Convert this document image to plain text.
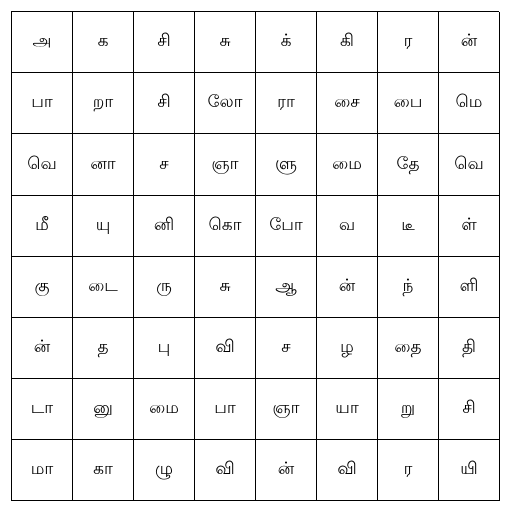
அ	க	சி	சு	க்	கி	ர	ன்
பா	றா	சி	லோ	ரா	சை	பை	மெ
வெ	னா	ச	ஞா	ளு	மை	தே	வெ
மீ	யு	னி	கொ	போ	வ	டீ	ள்
கு	டை	ரு	சு	ஆ	ன்	ந்	ளி
ன்	த	பு	வி	ச	ழ	தை	தி
டா	னு	மை	பா	ஞா	யா	று	சி
மா	கா	ழு	வி	ன்	வி	ர	யி
